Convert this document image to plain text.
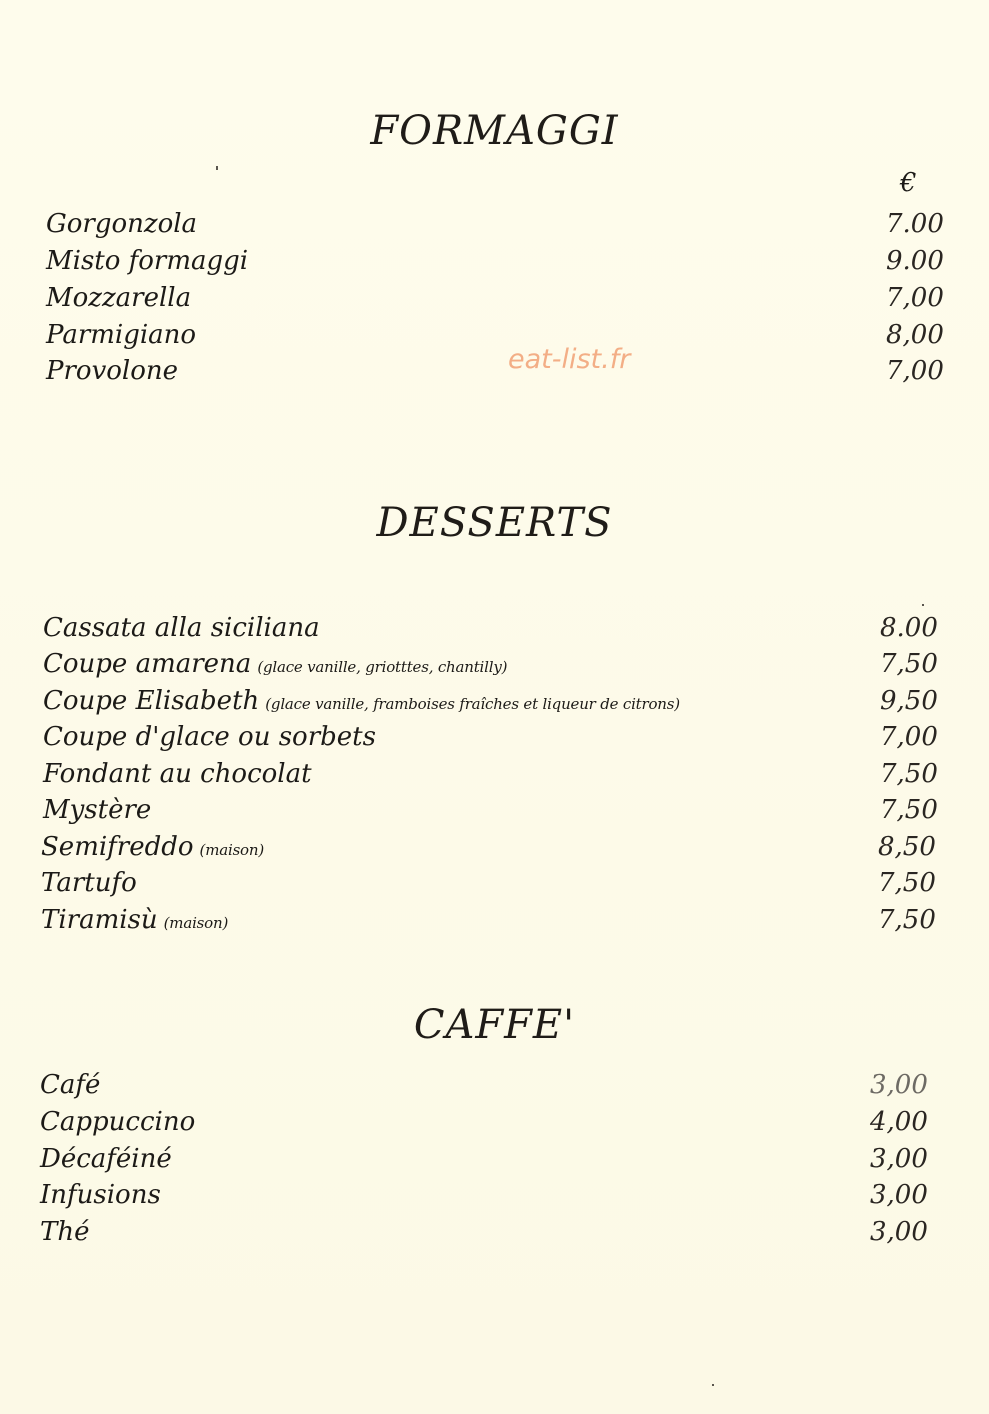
FORMAGGI
€
Gorgonzola	7.00
Misto formaggi	9.00
Mozzarella	7,00
Parmigiano	8,00
Provolone	7,00
eat-list.fr
DESSERTS
Cassata alla siciliana	8.00
Coupe amarena (glace vanille, griotttes, chantilly)	7,50
Coupe Elisabeth (glace vanille, framboises fraîches et liqueur de citrons)	9,50
Coupe d'glace ou sorbets	7,00
Fondant au chocolat	7,50
Mystère	7,50
Semifreddo (maison)	8,50
Tartufo	7,50
Tiramisù (maison)	7,50
CAFFE'
Café	3,00
Cappuccino	4,00
Décaféiné	3,00
Infusions	3,00
Thé	3,00
